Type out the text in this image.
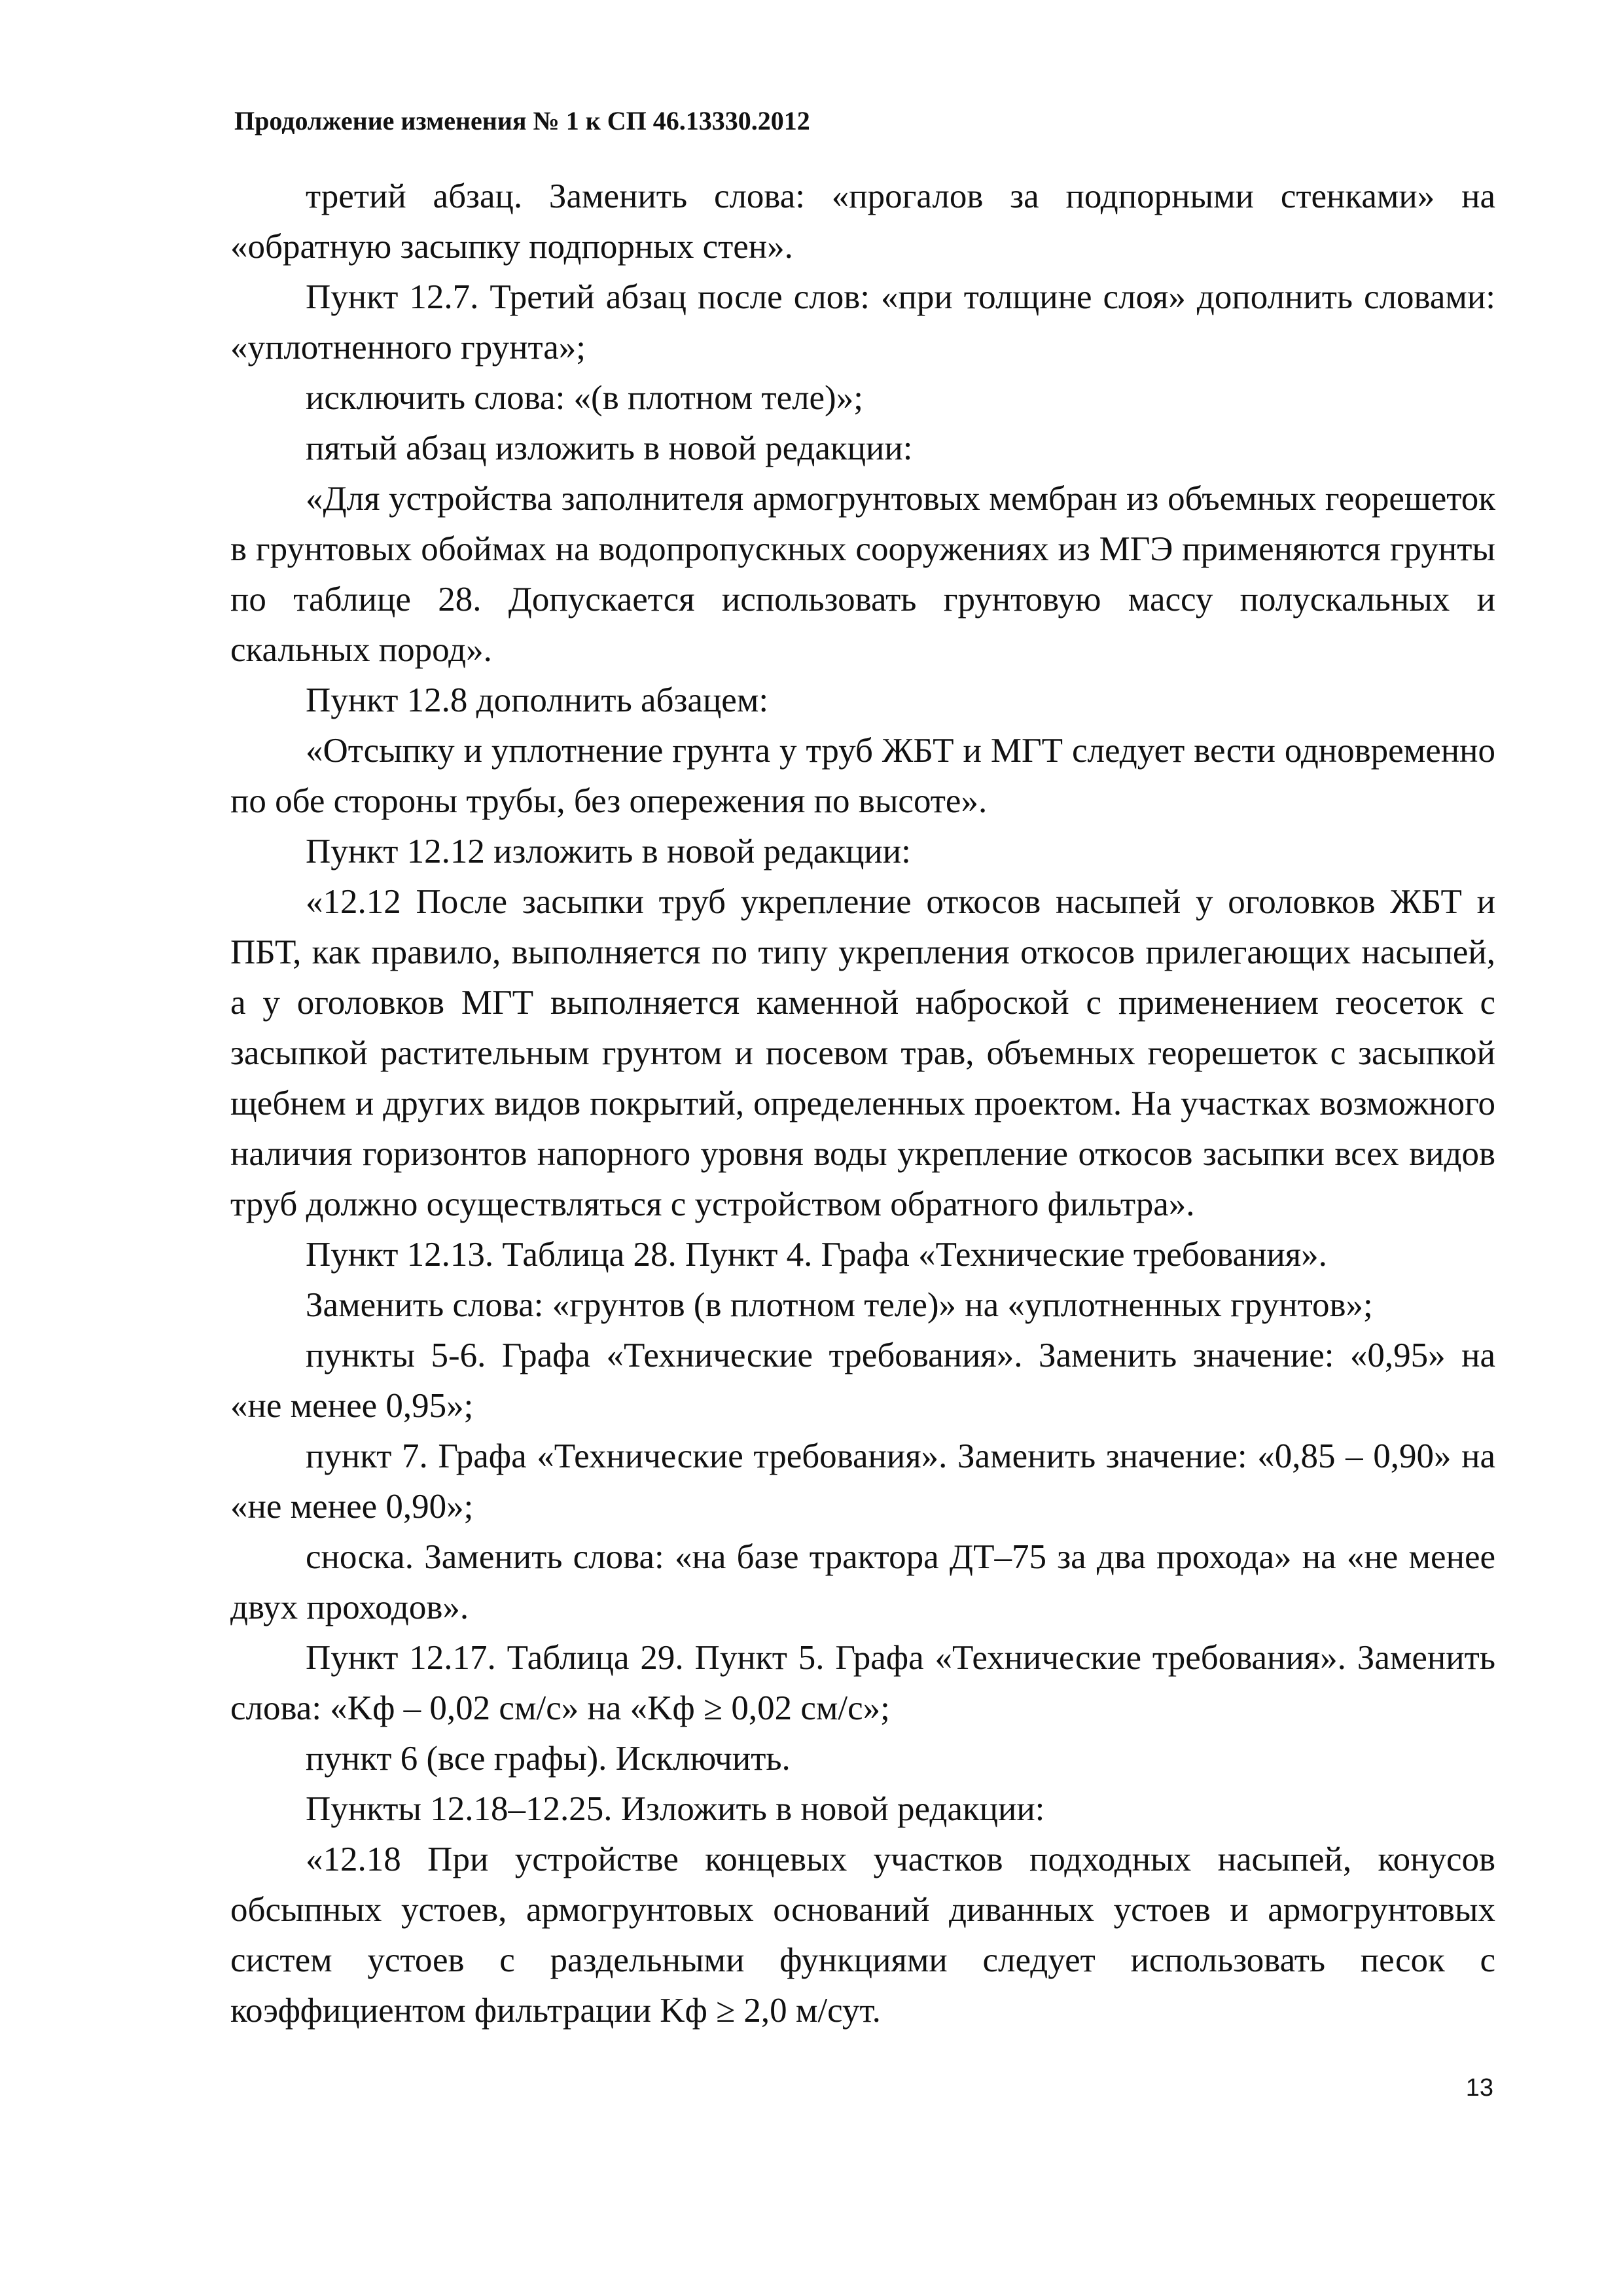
Продолжение изменения № 1 к СП 46.13330.2012

третий абзац. Заменить слова: «прогалов за подпорными стенками» на «обратную засыпку подпорных стен».

Пункт 12.7. Третий абзац после слов: «при толщине слоя» дополнить словами: «уплотненного грунта»;

исключить слова: «(в плотном теле)»;

пятый абзац изложить в новой редакции:

«Для устройства заполнителя армогрунтовых мембран из объемных георешеток в грунтовых обоймах на водопропускных сооружениях из МГЭ применяются грунты по таблице 28. Допускается использовать грунтовую массу полускальных и скальных пород».

Пункт 12.8 дополнить абзацем:

«Отсыпку и уплотнение грунта у труб ЖБТ и МГТ следует вести одновременно по обе стороны трубы, без опережения по высоте».

Пункт 12.12 изложить в новой редакции:

«12.12 После засыпки труб укрепление откосов насыпей у оголовков ЖБТ и ПБТ, как правило, выполняется по типу укрепления откосов прилегающих насыпей, а у оголовков МГТ выполняется каменной наброской с применением геосеток с засыпкой растительным грунтом и посевом трав, объемных георешеток с засыпкой щебнем и других видов покрытий, определенных проектом. На участках возможного наличия горизонтов напорного уровня воды укрепление откосов засыпки всех видов труб должно осуществляться с устройством обратного фильтра».

Пункт 12.13. Таблица 28. Пункт 4. Графа «Технические требования».

Заменить слова: «грунтов (в плотном теле)» на «уплотненных грунтов»;

пункты 5-6. Графа «Технические требования». Заменить значение: «0,95» на «не менее 0,95»;

пункт 7. Графа «Технические требования». Заменить значение: «0,85 – 0,90» на «не менее 0,90»;

сноска. Заменить слова: «на базе трактора ДТ–75 за два прохода» на «не менее двух проходов».

Пункт 12.17. Таблица 29. Пункт 5. Графа «Технические требования». Заменить слова: «Kф – 0,02 см/с» на «Kф ≥ 0,02 см/с»;

пункт 6 (все графы). Исключить.

Пункты 12.18–12.25. Изложить в новой редакции:

«12.18 При устройстве концевых участков подходных насыпей, конусов обсыпных устоев, армогрунтовых оснований диванных устоев и армогрунтовых систем устоев с раздельными функциями следует использовать песок с коэффициентом фильтрации Kф ≥ 2,0 м/сут.

13
